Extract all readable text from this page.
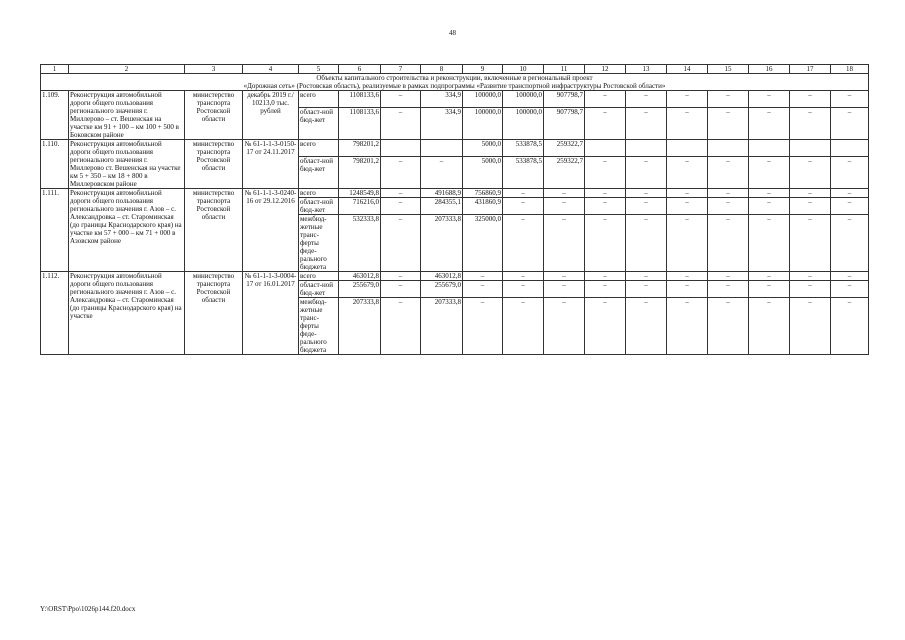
48
1	2	3	4	5	6	7	8	9	10	11	12	13	14	15	16	17	18
Объекты капитального строительства и реконструкции, включенные в региональный проект																	
«Дорожная сеть» (Ростовская область), реализуемые в рамках подпрограммы «Развитие транспортной инфраструктуры Ростовской области»																	
1.109.	Реконструкция автомобильной дороги общего пользования регионального значения г. Миллерово – ст. Вешенская на участке км 91 + 100 – км 100 + 500 в Боковском районе	министерство транспорта Ростовской области	декабрь 2019 г./ 10213,0 тыс. рублей	всего	1108133,6	–	334,9	100000,0	100000,0	907798,7	–	–	–	–	–	–	–
				област-ной бюд-жет	1108133,6	–	334,9	100000,0	100000,0	907798,7	–	–	–	–	–	–	–
1.110.	Реконструкция автомобильной дороги общего пользования регионального значения г. Миллерово ст. Вешенская на участке км 5 + 350 – км 18 + 800 в Миллеровском районе	министерство транспорта Ростовской области	№ 61-1-1-3-0150-17 от 24.11.2017	всего	798201,2			5000,0	533878,5	259322,7							
				област-ной бюд-жет	798201,2	–	–	5000,0	533878,5	259322,7	–	–	–	–	–	–	–
1.111.	Реконструкция автомобильной дороги общего пользования регионального значения г. Азов – с. Александровка – ст. Староминская (до границы Краснодарского края) на участке км 57 + 000 – км 71 + 000 в Азовском районе	министерство транспорта Ростовской области	№ 61-1-1-3-0240-16 от 29.12.2016	всего	1248549,8	–	491688,9	756860,9	–	–	–	–	–	–	–	–	–
				област-ной бюд-жет	716216,0	–	284355,1	431860,9	–	–	–	–	–	–	–	–	–
				межбюд-жетные транс-ферты феде-рального бюджета	532333,8	–	207333,8	325000,0	–	–	–	–	–	–	–	–	–
1.112.	Реконструкция автомобильной дороги общего пользования регионального значения г. Азов – с. Александровка – ст. Староминская (до границы Краснодарского края) на участке	министерство транспорта Ростовской области	№ 61-1-1-3-0004-17 от 16.01.2017	всего	463012,8	–	463012,8	–	–	–	–	–	–	–	–	–	–
				област-ной бюд-жет	255679,0	–	255679,0	–	–	–	–	–	–	–	–	–	–
				межбюд-жетные транс-ферты феде-рального бюджета	207333,8	–	207333,8	–	–	–	–	–	–	–	–	–	–
Y:\ORST\Ppo\1026p144.f20.docx
